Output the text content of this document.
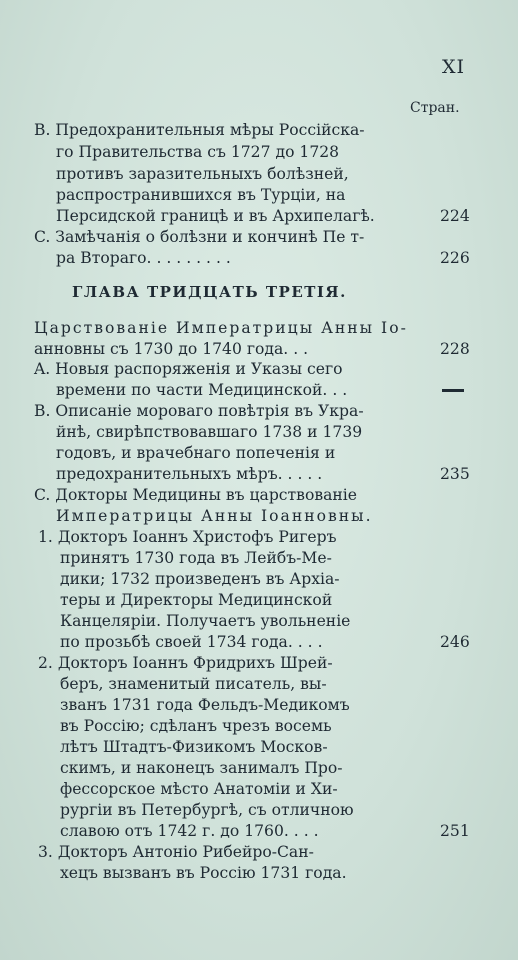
XI
Стран.
B. Предохранительныя мѣры Россійска-
го Правительства съ 1727 до 1728
противъ заразительныхъ болѣзней,
распространившихся въ Турціи, на
Персидской границѣ и въ Архипелагѣ.	224
C. Замѣчанія о болѣзни и кончинѣ Пе т-
ра Втораго. . . . . . . . .	226
ГЛАВА ТРИДЦАТЬ ТРЕТІЯ.
Царствованіе Императрицы Анны Іо-
анновны съ 1730 до 1740 года. . .	228
A. Новыя распоряженія и Указы сего
времени по части Медицинской. . .
B. Описаніе моровaго повѣтрія въ Укра-
йнѣ, свирѣпствовавшаго 1738 и 1739
годовъ, и врачебнаго попеченія и
предохранительныхъ мѣръ. . . . .	235
C. Докторы Медицины въ царствованіе
Императрицы Анны Іоанновны.
1. Докторъ Іоаннъ Христофъ Ригеръ
принятъ 1730 года въ Лейбъ-Ме-
дики; 1732 произведенъ въ Архіа-
теры и Директоры Медицинской
Канцеляріи. Получаетъ увольненіе
по прозьбѣ своей 1734 года. . . .	246
2. Докторъ Іоаннъ Фридрихъ Шрей-
беръ, знаменитый писатель, вы-
званъ 1731 года Фельдъ-Медикомъ
въ Россію; сдѣланъ чрезъ восемь
лѣтъ Штадтъ-Физикомъ Москов-
скимъ, и наконецъ занималъ Про-
фессорское мѣсто Анатоміи и Хи-
рургіи въ Петербургѣ, съ отличною
славою отъ 1742 г. до 1760. . . .	251
3. Докторъ Антоніо Рибейро-Сан-
хецъ вызванъ въ Россію 1731 года.
